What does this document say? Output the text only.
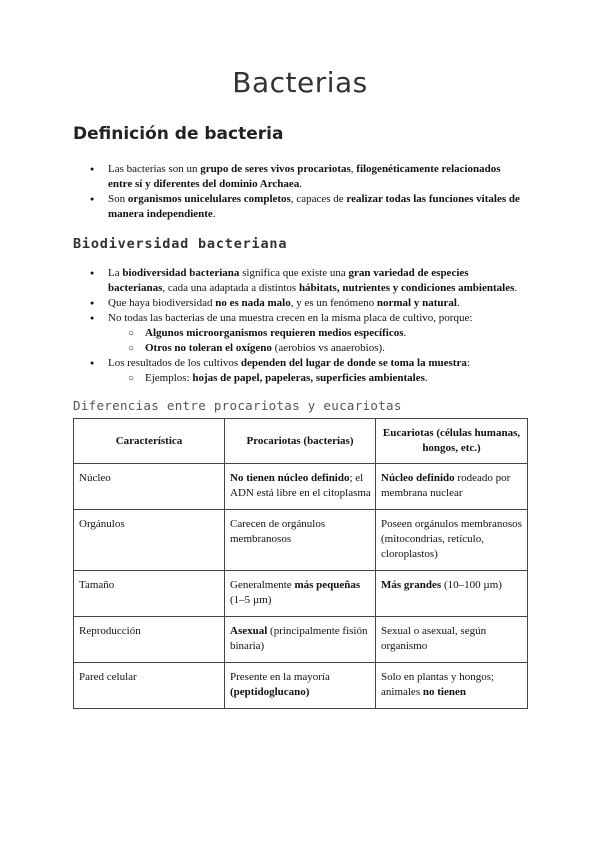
Bacterias
Definición de bacteria
● Las bacterias son un grupo de seres vivos procariotas, filogenéticamente relacionados entre sí y diferentes del dominio Archaea.
● Son organismos unicelulares completos, capaces de realizar todas las funciones vitales de manera independiente.
Biodiversidad bacteriana
● La biodiversidad bacteriana significa que existe una gran variedad de especies bacterianas, cada una adaptada a distintos hábitats, nutrientes y condiciones ambientales.
● Que haya biodiversidad no es nada malo, y es un fenómeno normal y natural.
● No todas las bacterias de una muestra crecen en la misma placa de cultivo, porque:
○ Algunos microorganismos requieren medios específicos.
○ Otros no toleran el oxígeno (aerobios vs anaerobios).
● Los resultados de los cultivos dependen del lugar de donde se toma la muestra:
○ Ejemplos: hojas de papel, papeleras, superficies ambientales.
Diferencias entre procariotas y eucariotas
Característica	Procariotas (bacterias)	Eucariotas (células humanas, hongos, etc.)
Núcleo	No tienen núcleo definido; el ADN está libre en el citoplasma	Núcleo definido rodeado por membrana nuclear
Orgánulos	Carecen de orgánulos membranosos	Poseen orgánulos membranosos (mitocondrias, retículo, cloroplastos)
Tamaño	Generalmente más pequeñas (1–5 µm)	Más grandes (10–100 µm)
Reproducción	Asexual (principalmente fisión binaria)	Sexual o asexual, según organismo
Pared celular	Presente en la mayoría (peptidoglucano)	Solo en plantas y hongos; animales no tienen
